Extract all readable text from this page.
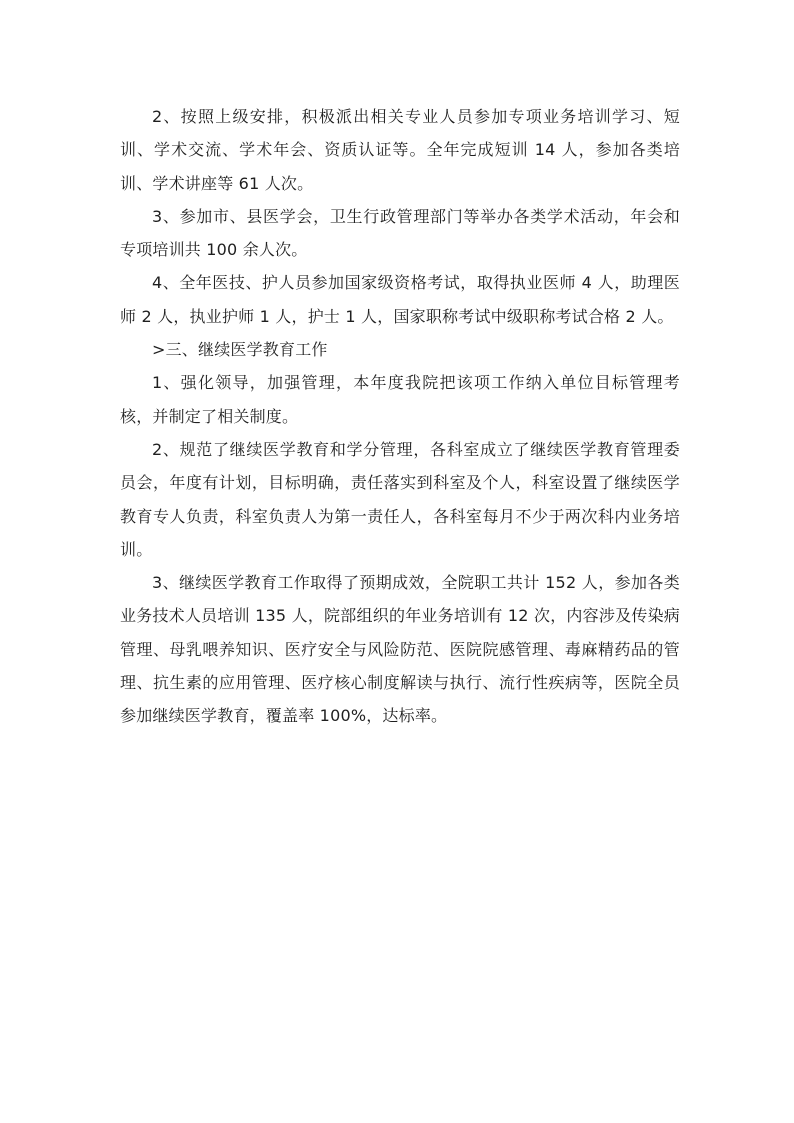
2、按照上级安排，积极派出相关专业人员参加专项业务培训学习、短训、学术交流、学术年会、资质认证等。全年完成短训 14 人，参加各类培训、学术讲座等 61 人次。

3、参加市、县医学会，卫生行政管理部门等举办各类学术活动，年会和专项培训共 100 余人次。

4、全年医技、护人员参加国家级资格考试，取得执业医师 4 人，助理医师 2 人，执业护师 1 人，护士 1 人，国家职称考试中级职称考试合格 2 人。

>三、继续医学教育工作

1、强化领导，加强管理，本年度我院把该项工作纳入单位目标管理考核，并制定了相关制度。

2、规范了继续医学教育和学分管理，各科室成立了继续医学教育管理委员会，年度有计划，目标明确，责任落实到科室及个人，科室设置了继续医学教育专人负责，科室负责人为第一责任人，各科室每月不少于两次科内业务培训。

3、继续医学教育工作取得了预期成效，全院职工共计 152 人，参加各类业务技术人员培训 135 人，院部组织的年业务培训有 12 次，内容涉及传染病管理、母乳喂养知识、医疗安全与风险防范、医院院感管理、毒麻精药品的管理、抗生素的应用管理、医疗核心制度解读与执行、流行性疾病等，医院全员参加继续医学教育，覆盖率 100%，达标率。
